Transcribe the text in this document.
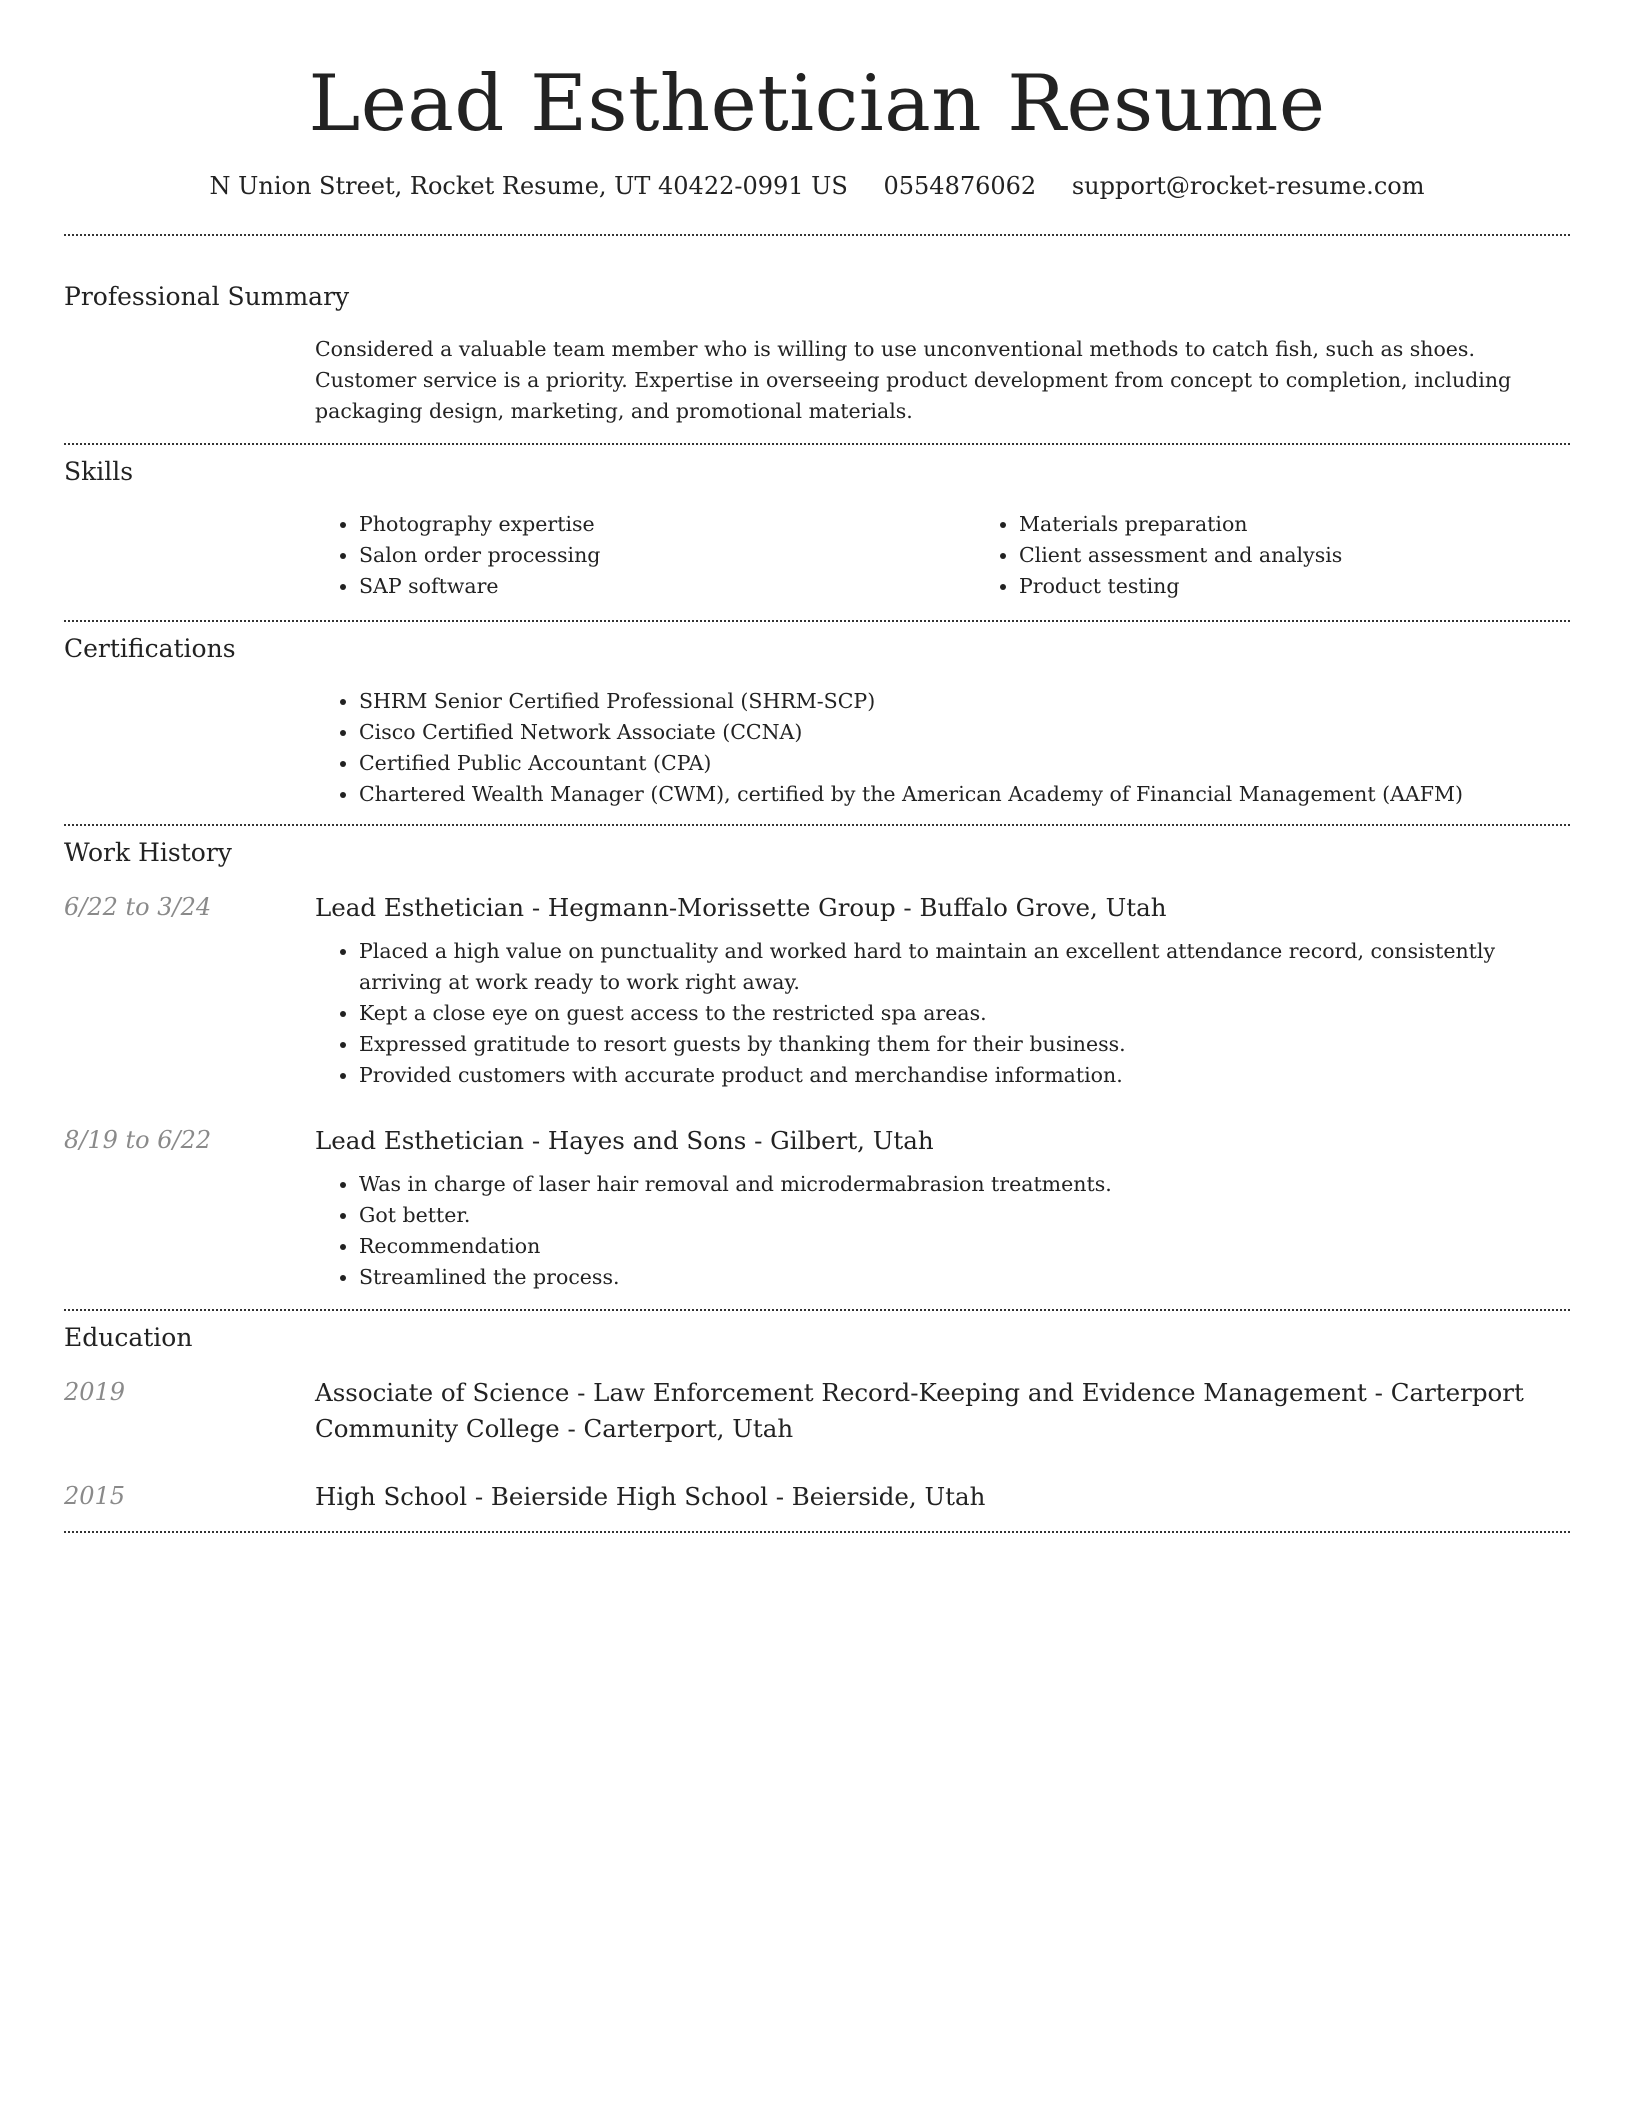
Lead Esthetician Resume
N Union Street, Rocket Resume, UT 40422-0991 US 0554876062 support@rocket-resume.com
Professional Summary

Considered a valuable team member who is willing to use unconventional methods to catch fish, such as shoes. Customer service is a priority. Expertise in overseeing product development from concept to completion, including packaging design, marketing, and promotional materials.

Skills
• Photography expertise
• Salon order processing
• SAP software
• Materials preparation
• Client assessment and analysis
• Product testing
Certifications
• SHRM Senior Certified Professional (SHRM-SCP)
• Cisco Certified Network Associate (CCNA)
• Certified Public Accountant (CPA)
• Chartered Wealth Manager (CWM), certified by the American Academy of Financial Management (AAFM)
Work History
6/22 to 3/24	Lead Esthetician - Hegmann-Morissette Group - Buffalo Grove, Utah

• Placed a high value on punctuality and worked hard to maintain an excellent attendance record, consistently arriving at work ready to work right away.
• Kept a close eye on guest access to the restricted spa areas.
• Expressed gratitude to resort guests by thanking them for their business.
• Provided customers with accurate product and merchandise information.
8/19 to 6/22	Lead Esthetician - Hayes and Sons - Gilbert, Utah

• Was in charge of laser hair removal and microdermabrasion treatments.
• Got better.
• Recommendation
• Streamlined the process.
Education
2019	Associate of Science - Law Enforcement Record-Keeping and Evidence Management - Carterport Community College - Carterport, Utah

2015	High School - Beierside High School - Beierside, Utah
